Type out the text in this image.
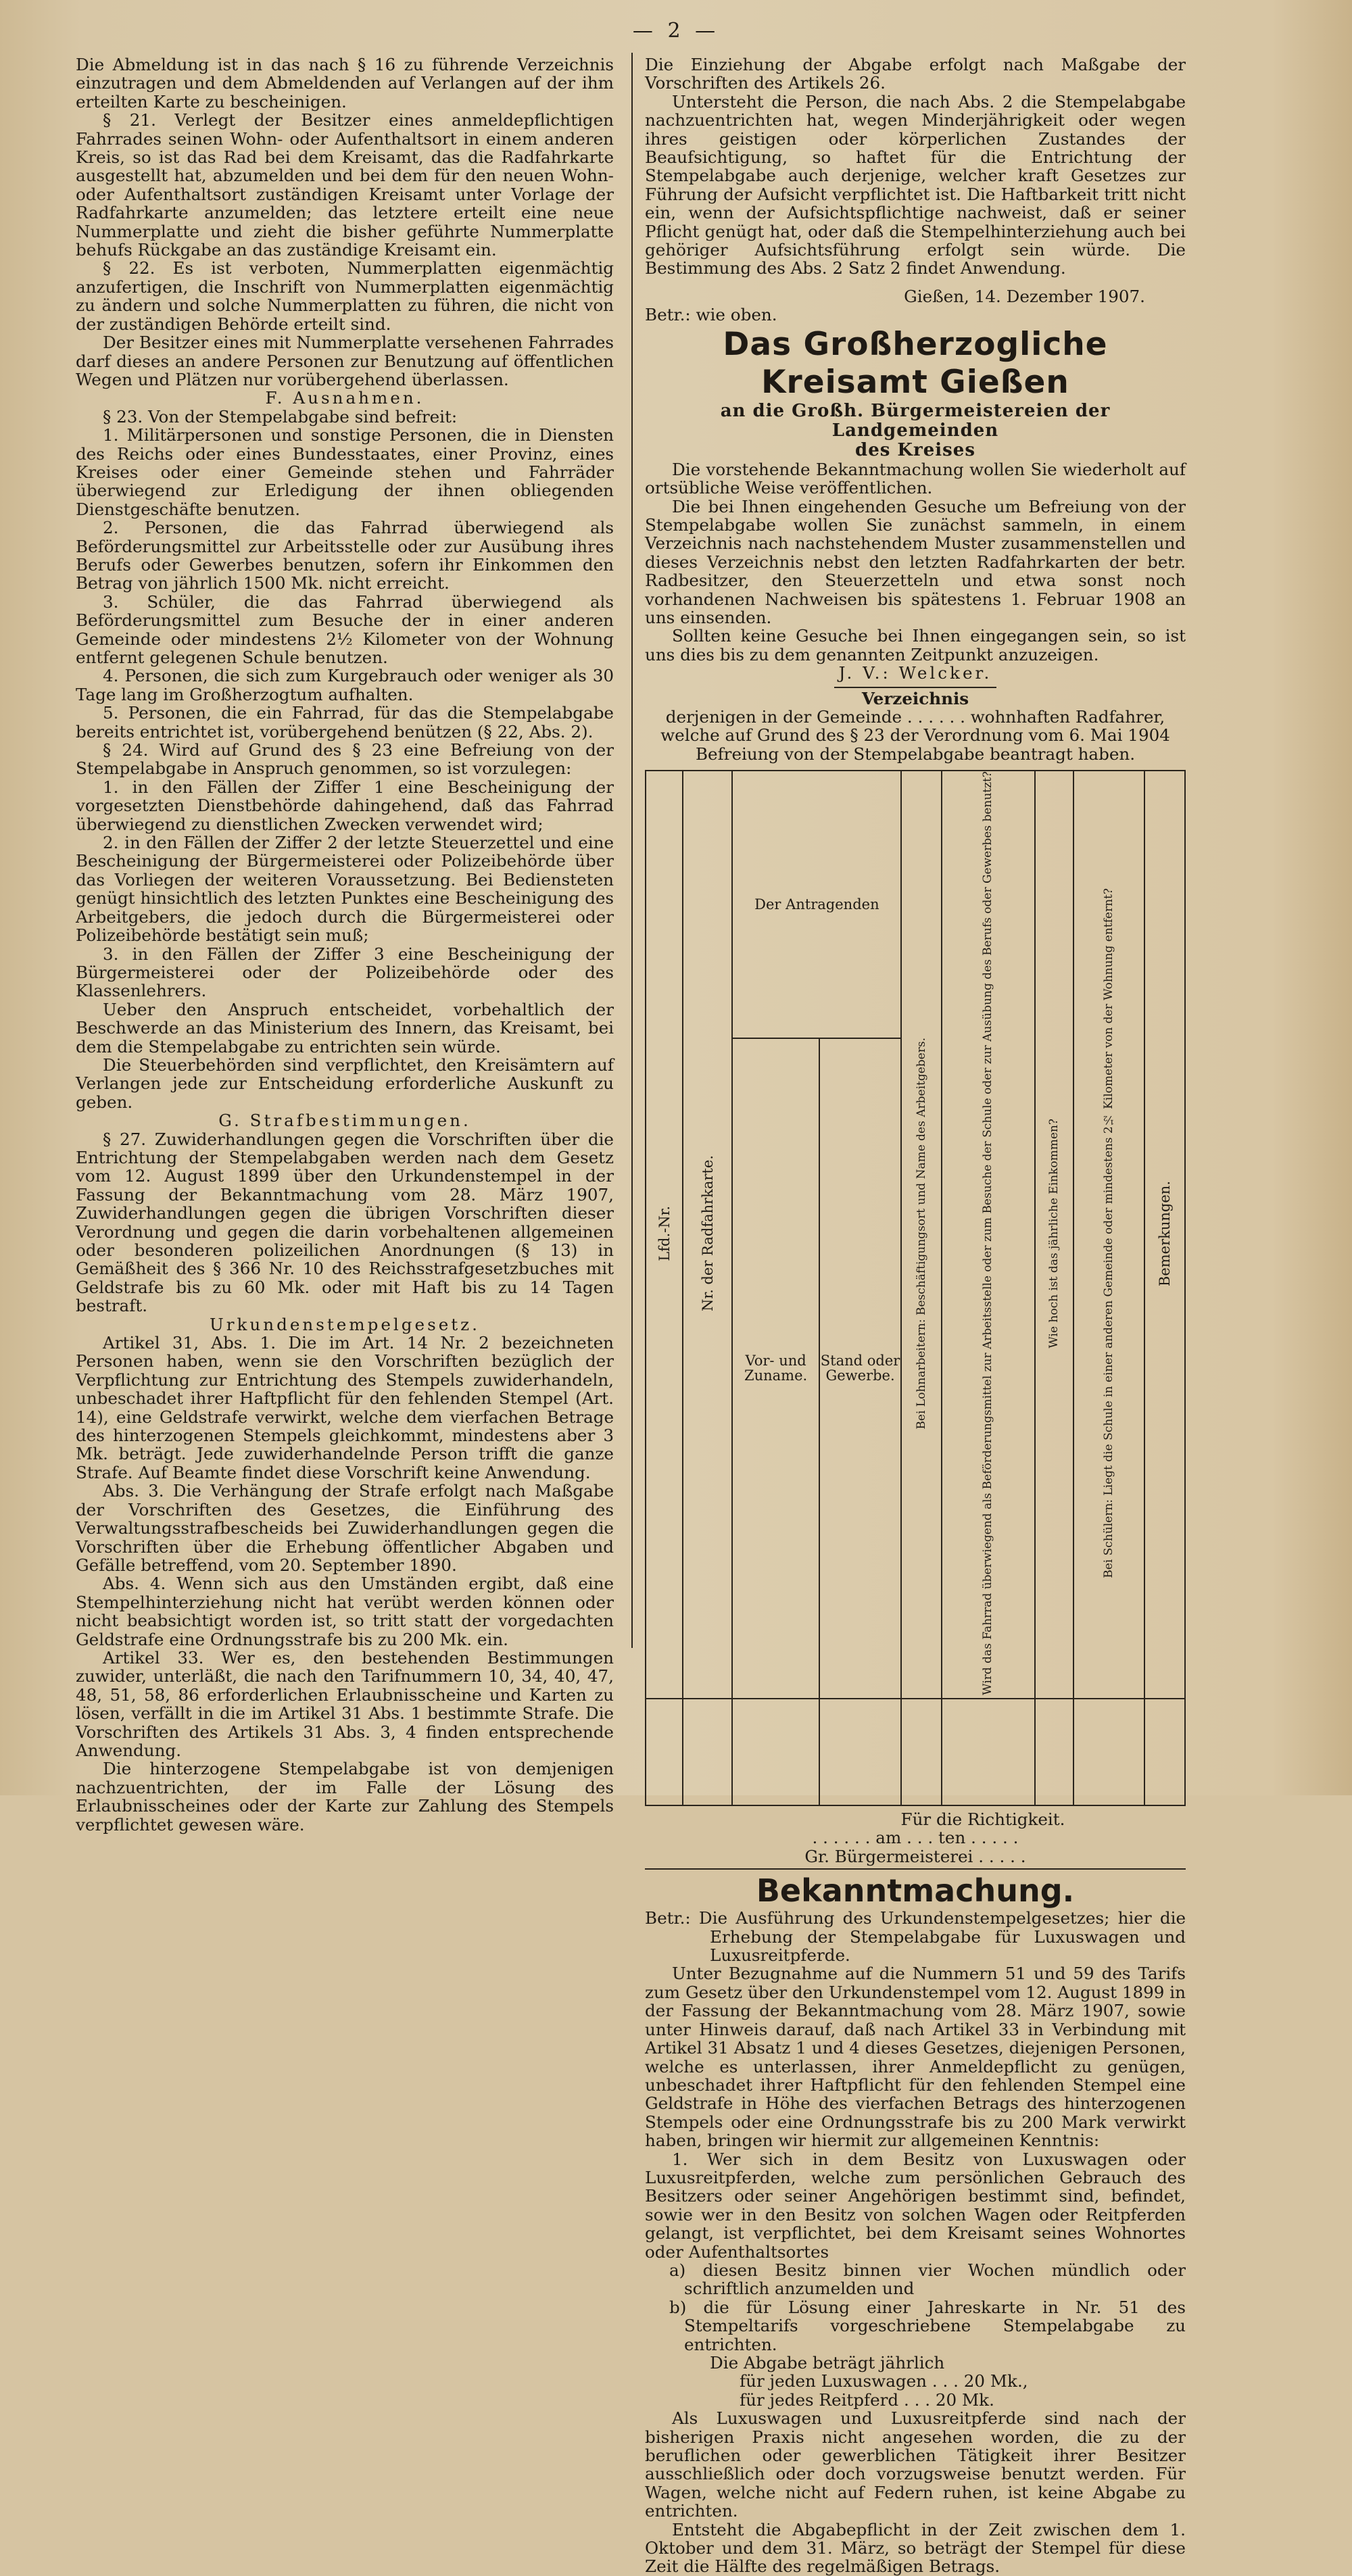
— 2 —

Die Abmeldung ist in das nach § 16 zu führende Verzeichnis einzutragen und dem Abmeldenden auf Verlangen auf der ihm erteilten Karte zu bescheinigen.

§ 21. Verlegt der Besitzer eines anmeldepflichtigen Fahrrades seinen Wohn- oder Aufenthaltsort in einem anderen Kreis, so ist das Rad bei dem Kreisamt, das die Radfahrkarte ausgestellt hat, abzumelden und bei dem für den neuen Wohn- oder Aufenthaltsort zuständigen Kreisamt unter Vorlage der Radfahrkarte anzumelden; das letztere erteilt eine neue Nummerplatte und zieht die bisher geführte Nummerplatte behufs Rückgabe an das zuständige Kreisamt ein.

§ 22. Es ist verboten, Nummerplatten eigenmächtig anzufertigen, die Inschrift von Nummerplatten eigenmächtig zu ändern und solche Nummerplatten zu führen, die nicht von der zuständigen Behörde erteilt sind.

Der Besitzer eines mit Nummerplatte versehenen Fahrrades darf dieses an andere Personen zur Benutzung auf öffentlichen Wegen und Plätzen nur vorübergehend überlassen.

F. Ausnahmen.

§ 23. Von der Stempelabgabe sind befreit:

1. Militärpersonen und sonstige Personen, die in Diensten des Reichs oder eines Bundesstaates, einer Provinz, eines Kreises oder einer Gemeinde stehen und Fahrräder überwiegend zur Erledigung der ihnen obliegenden Dienstgeschäfte benutzen.

2. Personen, die das Fahrrad überwiegend als Beförderungsmittel zur Arbeitsstelle oder zur Ausübung ihres Berufs oder Gewerbes benutzen, sofern ihr Einkommen den Betrag von jährlich 1500 Mk. nicht erreicht.

3. Schüler, die das Fahrrad überwiegend als Beförderungsmittel zum Besuche der in einer anderen Gemeinde oder mindestens 2½ Kilometer von der Wohnung entfernt gelegenen Schule benutzen.

4. Personen, die sich zum Kurgebrauch oder weniger als 30 Tage lang im Großherzogtum aufhalten.

5. Personen, die ein Fahrrad, für das die Stempelabgabe bereits entrichtet ist, vorübergehend benützen (§ 22, Abs. 2).

§ 24. Wird auf Grund des § 23 eine Befreiung von der Stempelabgabe in Anspruch genommen, so ist vorzulegen:

1. in den Fällen der Ziffer 1 eine Bescheinigung der vorgesetzten Dienstbehörde dahingehend, daß das Fahrrad überwiegend zu dienstlichen Zwecken verwendet wird;

2. in den Fällen der Ziffer 2 der letzte Steuerzettel und eine Bescheinigung der Bürgermeisterei oder Polizeibehörde über das Vorliegen der weiteren Voraussetzung. Bei Bediensteten genügt hinsichtlich des letzten Punktes eine Bescheinigung des Arbeitgebers, die jedoch durch die Bürgermeisterei oder Polizeibehörde bestätigt sein muß;

3. in den Fällen der Ziffer 3 eine Bescheinigung der Bürgermeisterei oder der Polizeibehörde oder des Klassenlehrers.

Ueber den Anspruch entscheidet, vorbehaltlich der Beschwerde an das Ministerium des Innern, das Kreisamt, bei dem die Stempelabgabe zu entrichten sein würde.

Die Steuerbehörden sind verpflichtet, den Kreisämtern auf Verlangen jede zur Entscheidung erforderliche Auskunft zu geben.

G. Strafbestimmungen.

§ 27. Zuwiderhandlungen gegen die Vorschriften über die Entrichtung der Stempelabgaben werden nach dem Gesetz vom 12. August 1899 über den Urkundenstempel in der Fassung der Bekanntmachung vom 28. März 1907, Zuwiderhandlungen gegen die übrigen Vorschriften dieser Verordnung und gegen die darin vorbehaltenen allgemeinen oder besonderen polizeilichen Anordnungen (§ 13) in Gemäßheit des § 366 Nr. 10 des Reichsstrafgesetzbuches mit Geldstrafe bis zu 60 Mk. oder mit Haft bis zu 14 Tagen bestraft.

Urkundenstempelgesetz.

Artikel 31, Abs. 1. Die im Art. 14 Nr. 2 bezeichneten Personen haben, wenn sie den Vorschriften bezüglich der Verpflichtung zur Entrichtung des Stempels zuwiderhandeln, unbeschadet ihrer Haftpflicht für den fehlenden Stempel (Art. 14), eine Geldstrafe verwirkt, welche dem vierfachen Betrage des hinterzogenen Stempels gleichkommt, mindestens aber 3 Mk. beträgt. Jede zuwiderhandelnde Person trifft die ganze Strafe. Auf Beamte findet diese Vorschrift keine Anwendung.

Abs. 3. Die Verhängung der Strafe erfolgt nach Maßgabe der Vorschriften des Gesetzes, die Einführung des Verwaltungsstrafbescheids bei Zuwiderhandlungen gegen die Vorschriften über die Erhebung öffentlicher Abgaben und Gefälle betreffend, vom 20. September 1890.

Abs. 4. Wenn sich aus den Umständen ergibt, daß eine Stempelhinterziehung nicht hat verübt werden können oder nicht beabsichtigt worden ist, so tritt statt der vorgedachten Geldstrafe eine Ordnungsstrafe bis zu 200 Mk. ein.

Artikel 33. Wer es, den bestehenden Bestimmungen zuwider, unterläßt, die nach den Tarifnummern 10, 34, 40, 47, 48, 51, 58, 86 erforderlichen Erlaubnisscheine und Karten zu lösen, verfällt in die im Artikel 31 Abs. 1 bestimmte Strafe. Die Vorschriften des Artikels 31 Abs. 3, 4 finden entsprechende Anwendung.

Die hinterzogene Stempelabgabe ist von demjenigen nachzuentrichten, der im Falle der Lösung des Erlaubnisscheines oder der Karte zur Zahlung des Stempels verpflichtet gewesen wäre.

Die Einziehung der Abgabe erfolgt nach Maßgabe der Vorschriften des Artikels 26.

Untersteht die Person, die nach Abs. 2 die Stempelabgabe nachzuentrichten hat, wegen Minderjährigkeit oder wegen ihres geistigen oder körperlichen Zustandes der Beaufsichtigung, so haftet für die Entrichtung der Stempelabgabe auch derjenige, welcher kraft Gesetzes zur Führung der Aufsicht verpflichtet ist. Die Haftbarkeit tritt nicht ein, wenn der Aufsichtspflichtige nachweist, daß er seiner Pflicht genügt hat, oder daß die Stempelhinterziehung auch bei gehöriger Aufsichtsführung erfolgt sein würde. Die Bestimmung des Abs. 2 Satz 2 findet Anwendung.

Gießen, 14. Dezember 1907.

Betr.: wie oben.

Das Großherzogliche Kreisamt Gießen
an die Großh. Bürgermeistereien der Landgemeinden
des Kreises

Die vorstehende Bekanntmachung wollen Sie wiederholt auf ortsübliche Weise veröffentlichen.

Die bei Ihnen eingehenden Gesuche um Befreiung von der Stempelabgabe wollen Sie zunächst sammeln, in einem Verzeichnis nach nachstehendem Muster zusammenstellen und dieses Verzeichnis nebst den letzten Radfahrkarten der betr. Radbesitzer, den Steuerzetteln und etwa sonst noch vorhandenen Nachweisen bis spätestens 1. Februar 1908 an uns einsenden.

Sollten keine Gesuche bei Ihnen eingegangen sein, so ist uns dies bis zu dem genannten Zeitpunkt anzuzeigen.

J. V.: Welcker.

Verzeichnis

derjenigen in der Gemeinde . . . . . . wohnhaften Radfahrer,

welche auf Grund des § 23 der Verordnung vom 6. Mai 1904

Befreiung von der Stempelabgabe beantragt haben.

Lfd.-Nr.	Nr. der Radfahrkarte.	Der Antragenden		Bei Lohnarbeitern: Beschäftigungsort und Name des Arbeitgebers.	Wird das Fahrrad überwiegend als Beförderungsmittel zur Arbeitsstelle oder zum Besuche der Schule oder zur Ausübung des Berufs oder Gewerbes benutzt?	Wie hoch ist das jährliche Einkommen?	Bei Schülern: Liegt die Schule in einer anderen Gemeinde oder mindestens 2½ Kilometer von der Wohnung entfernt?	Bemerkungen.
		Vor- und Zuname.	Stand oder Gewerbe.					

Für die Richtigkeit.

. . . . . . am . . . ten . . . . .

Gr. Bürgermeisterei . . . . .

Bekanntmachung.

Betr.: Die Ausführung des Urkundenstempelgesetzes; hier die Erhebung der Stempelabgabe für Luxuswagen und Luxusreitpferde.

Unter Bezugnahme auf die Nummern 51 und 59 des Tarifs zum Gesetz über den Urkundenstempel vom 12. August 1899 in der Fassung der Bekanntmachung vom 28. März 1907, sowie unter Hinweis darauf, daß nach Artikel 33 in Verbindung mit Artikel 31 Absatz 1 und 4 dieses Gesetzes, diejenigen Personen, welche es unterlassen, ihrer Anmeldepflicht zu genügen, unbeschadet ihrer Haftpflicht für den fehlenden Stempel eine Geldstrafe in Höhe des vierfachen Betrags des hinterzogenen Stempels oder eine Ordnungsstrafe bis zu 200 Mark verwirkt haben, bringen wir hiermit zur allgemeinen Kenntnis:

1. Wer sich in dem Besitz von Luxuswagen oder Luxusreitpferden, welche zum persönlichen Gebrauch des Besitzers oder seiner Angehörigen bestimmt sind, befindet, sowie wer in den Besitz von solchen Wagen oder Reitpferden gelangt, ist verpflichtet, bei dem Kreisamt seines Wohnortes oder Aufenthaltsortes

a) diesen Besitz binnen vier Wochen mündlich oder schriftlich anzumelden und

b) die für Lösung einer Jahreskarte in Nr. 51 des Stempeltarifs vorgeschriebene Stempelabgabe zu entrichten.

Die Abgabe beträgt jährlich

für jeden Luxuswagen . . . 20 Mk.,

für jedes Reitpferd . . . 20 Mk.

Als Luxuswagen und Luxusreitpferde sind nach der bisherigen Praxis nicht angesehen worden, die zu der beruflichen oder gewerblichen Tätigkeit ihrer Besitzer ausschließlich oder doch vorzugsweise benutzt werden. Für Wagen, welche nicht auf Federn ruhen, ist keine Abgabe zu entrichten.

Entsteht die Abgabepflicht in der Zeit zwischen dem 1. Oktober und dem 31. März, so beträgt der Stempel für diese Zeit die Hälfte des regelmäßigen Betrags.
